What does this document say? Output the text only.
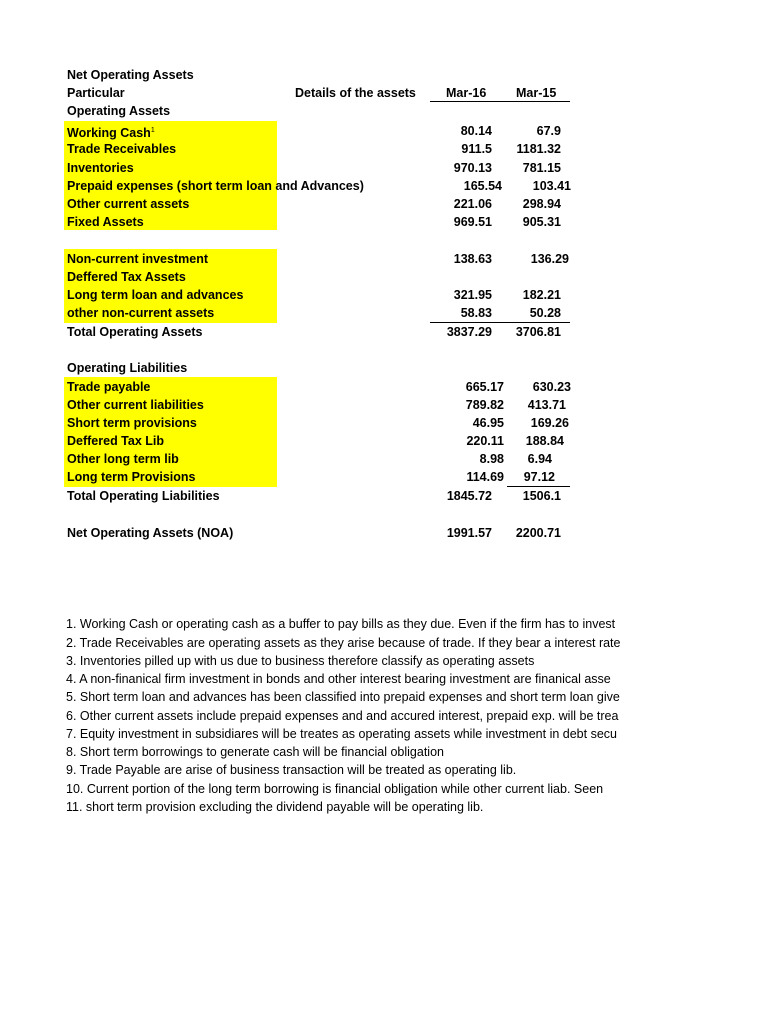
Net Operating Assets
Particular	Details of the assets Mar-16 Mar-15
Operating Assets
Working Cash$^1$	80.14	67.9
Trade Receivables	911.5 1181.32
Inventories	970.13 781.15
Prepaid expenses (short term loan and Advances)	165.54 103.41
Other current assets	221.06 298.94
Fixed Assets	969.51 905.31
Non-current investment	138.63	136.29
Deffered Tax Assets
Long term loan and advances	321.95 182.21
other non-current assets	58.83	50.28
Total Operating Assets	3837.29 3706.81
Operating Liabilities
Trade payable	665.17 630.23
Other current liabilities	789.82 413.71
Short term provisions	46.95 169.26
Deffered Tax Lib	220.11 188.84
Other long term lib	8.98 6.94
Long term Provisions	114.69 97.12
Total Operating Liabilities	1845.72 1506.1
Net Operating Assets (NOA)	1991.57 2200.71
1. Working Cash or operating cash as a buffer to pay bills as they due. Even if the firm has to invest
2. Trade Receivables are operating assets as they arise because of trade. If they bear a interest rate
3. Inventories pilled up with us due to business therefore classify as operating assets
4. A non-finanical firm investment in bonds and other interest bearing investment are finanical asse
5. Short term loan and advances has been classified into prepaid expenses and short term loan give
6. Other current assets include prepaid expenses and and accured interest, prepaid exp. will be trea
7. Equity investment in subsidiares will be treates as operating assets while investment in debt secu
8. Short term borrowings to generate cash will be financial obligation
9. Trade Payable are arise of business transaction will be treated as operating lib.
10. Current portion of the long term borrowing is financial obligation while other current liab. Seen
11. short term provision excluding the dividend payable will be operating lib.
